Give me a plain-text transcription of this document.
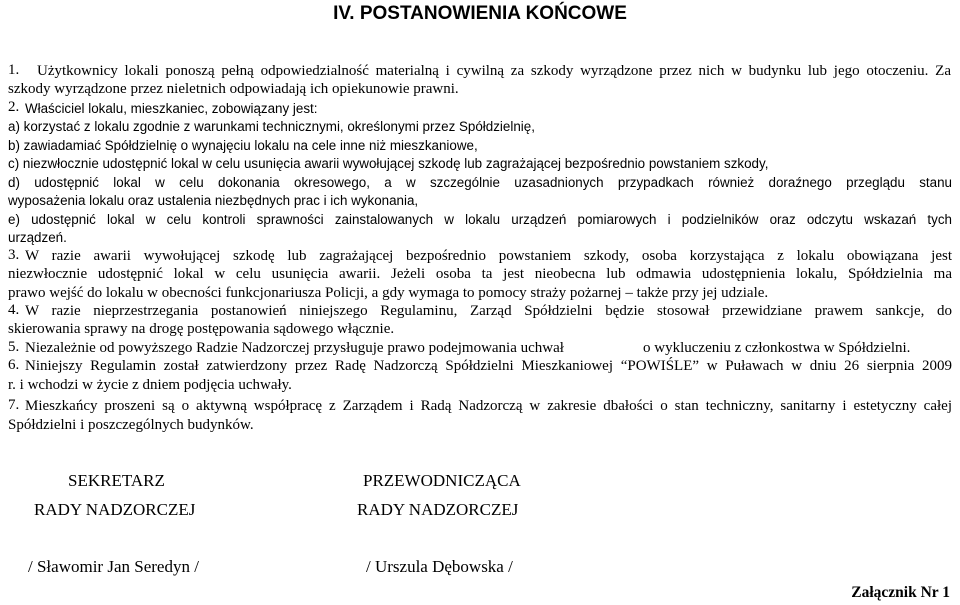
IV. POSTANOWIENIA KOŃCOWE
1. Użytkownicy lokali ponoszą pełną odpowiedzialność materialną i cywilną za szkody wyrządzone przez nich w budynku lub jego otoczeniu. Za
szkody wyrządzone przez nieletnich odpowiadają ich opiekunowie prawni.
2. Właściciel lokalu, mieszkaniec, zobowiązany jest:
a) korzystać z lokalu zgodnie z warunkami technicznymi, określonymi przez Spółdzielnię,
b) zawiadamiać Spółdzielnię o wynajęciu lokalu na cele inne niż mieszkaniowe,
c) niezwłocznie udostępnić lokal w celu usunięcia awarii wywołującej szkodę lub zagrażającej bezpośrednio powstaniem szkody,
d) udostępnić lokal w celu dokonania okresowego, a w szczególnie uzasadnionych przypadkach również doraźnego przeglądu stanu
wyposażenia lokalu oraz ustalenia niezbędnych prac i ich wykonania,
e) udostępnić lokal w celu kontroli sprawności zainstalowanych w lokalu urządzeń pomiarowych i podzielników oraz odczytu wskazań tych
urządzeń.
3. W razie awarii wywołującej szkodę lub zagrażającej bezpośrednio powstaniem szkody, osoba korzystająca z lokalu obowiązana jest
niezwłocznie udostępnić lokal w celu usunięcia awarii. Jeżeli osoba ta jest nieobecna lub odmawia udostępnienia lokalu, Spółdzielnia ma
prawo wejść do lokalu w obecności funkcjonariusza Policji, a gdy wymaga to pomocy straży pożarnej – także przy jej udziale.
4. W razie nieprzestrzegania postanowień niniejszego Regulaminu, Zarząd Spółdzielni będzie stosował przewidziane prawem sankcje, do
skierowania sprawy na drogę postępowania sądowego włącznie.
5. Niezależnie od powyższego Radzie Nadzorczej przysługuje prawo podejmowania uchwał	o wykluczeniu z członkostwa w Spółdzielni.
6. Niniejszy Regulamin został zatwierdzony przez Radę Nadzorczą Spółdzielni Mieszkaniowej “POWIŚLE” w Puławach w dniu 26 sierpnia 2009
r. i wchodzi w życie z dniem podjęcia uchwały.
7. Mieszkańcy proszeni są o aktywną współpracę z Zarządem i Radą Nadzorczą w zakresie dbałości o stan techniczny, sanitarny i estetyczny całej
Spółdzielni i poszczególnych budynków.
SEKRETARZ
RADY NADZORCZEJ
/ Sławomir Jan Seredyn /
PRZEWODNICZĄCA
RADY NADZORCZEJ
/ Urszula Dębowska /
Załącznik Nr 1
